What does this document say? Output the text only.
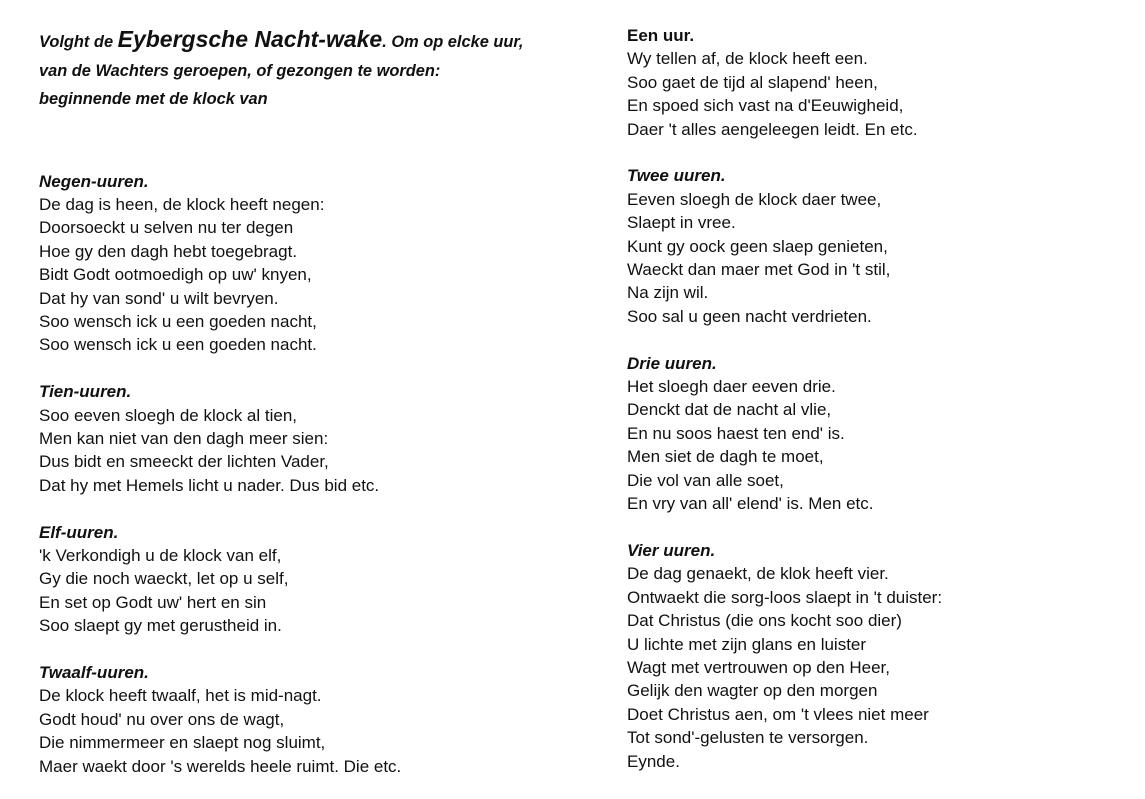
Volght de Eybergsche Nacht-wake. Om op elcke uur,
van de Wachters geroepen, of gezongen te worden:
beginnende met de klock van

Negen-uuren.
De dag is heen, de klock heeft negen:
Doorsoeckt u selven nu ter degen
Hoe gy den dagh hebt toegebragt.
Bidt Godt ootmoedigh op uw' knyen,
Dat hy van sond' u wilt bevryen.
Soo wensch ick u een goeden nacht,
Soo wensch ick u een goeden nacht.
Tien-uuren.
Soo eeven sloegh de klock al tien,
Men kan niet van den dagh meer sien:
Dus bidt en smeeckt der lichten Vader,
Dat hy met Hemels licht u nader. Dus bid etc.
Elf-uuren.
'k Verkondigh u de klock van elf,
Gy die noch waeckt, let op u self,
En set op Godt uw' hert en sin
Soo slaept gy met gerustheid in.
Twaalf-uuren.
De klock heeft twaalf, het is mid-nagt.
Godt houd' nu over ons de wagt,
Die nimmermeer en slaept nog sluimt,
Maer waekt door 's werelds heele ruimt. Die etc.
Een uur.
Wy tellen af, de klock heeft een.
Soo gaet de tijd al slapend' heen,
En spoed sich vast na d'Eeuwigheid,
Daer 't alles aengeleegen leidt. En etc.
Twee uuren.
Eeven sloegh de klock daer twee,
Slaept in vree.
Kunt gy oock geen slaep genieten,
Waeckt dan maer met God in 't stil,
Na zijn wil.
Soo sal u geen nacht verdrieten.
Drie uuren.
Het sloegh daer eeven drie.
Denckt dat de nacht al vlie,
En nu soos haest ten end' is.
Men siet de dagh te moet,
Die vol van alle soet,
En vry van all' elend' is. Men etc.
Vier uuren.
De dag genaekt, de klok heeft vier.
Ontwaekt die sorg-loos slaept in 't duister:
Dat Christus (die ons kocht soo dier)
U lichte met zijn glans en luister
Wagt met vertrouwen op den Heer,
Gelijk den wagter op den morgen
Doet Christus aen, om 't vlees niet meer
Tot sond'-gelusten te versorgen.
Eynde.
